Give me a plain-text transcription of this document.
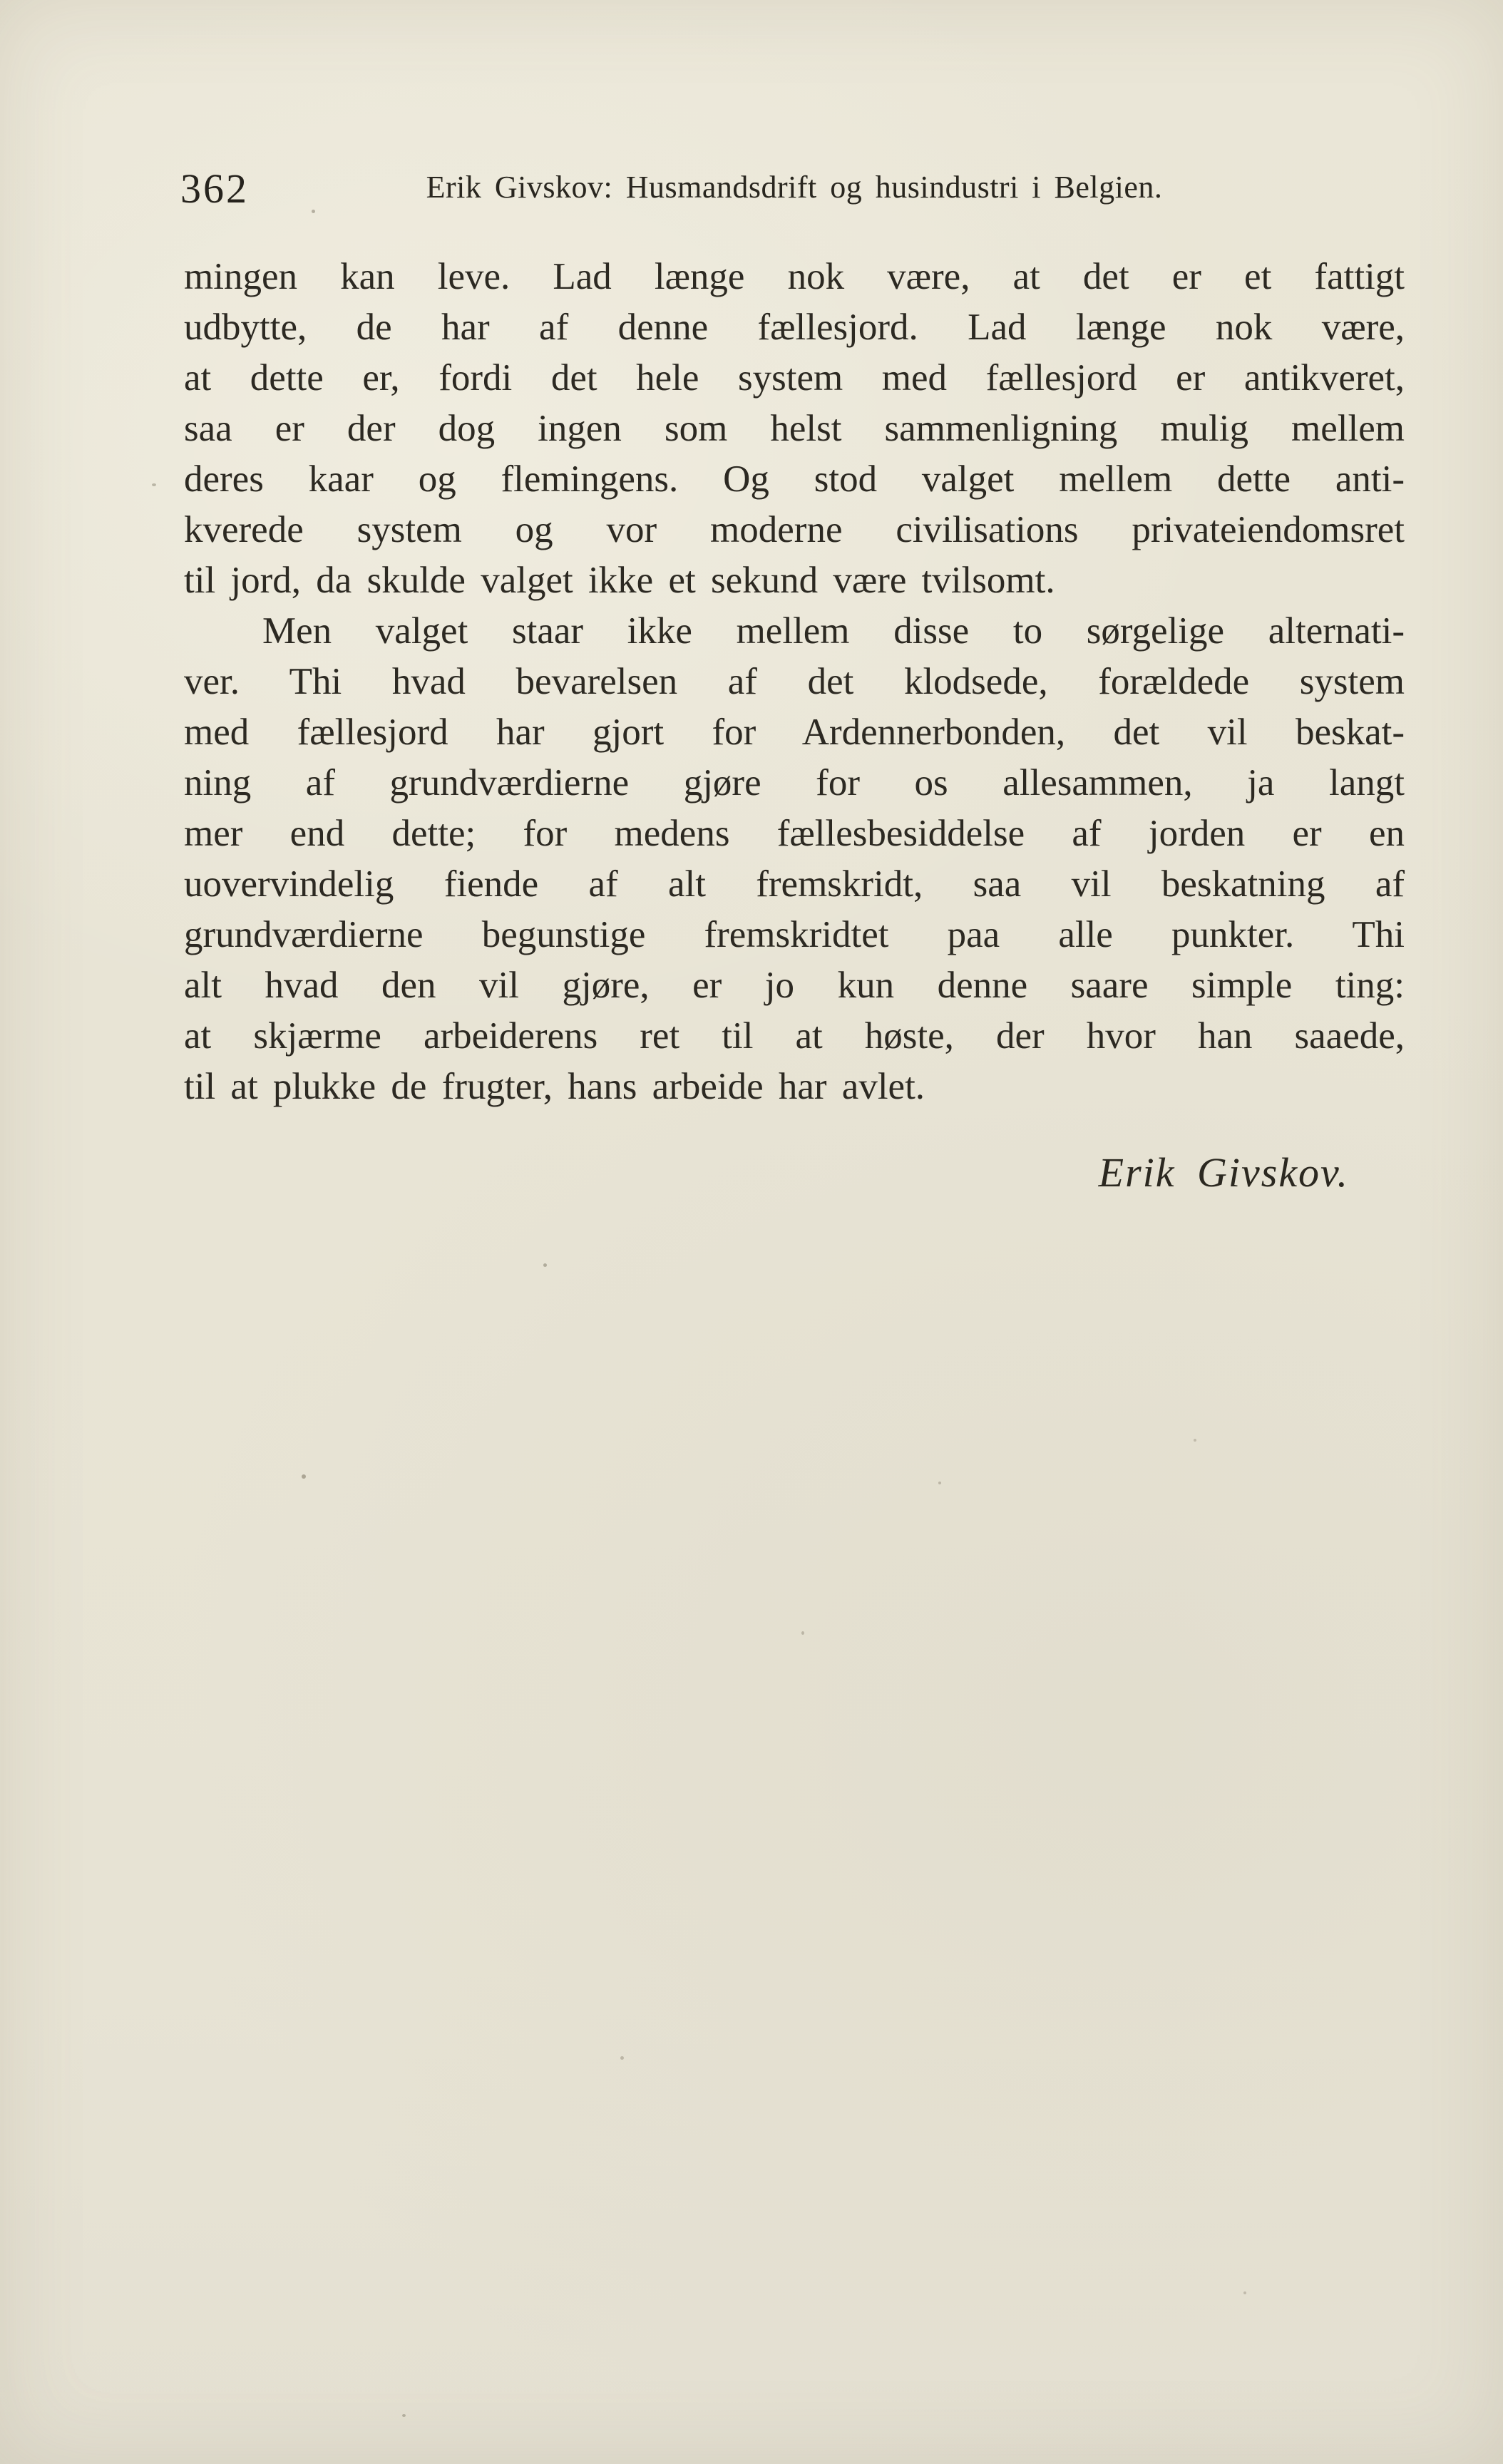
362	Erik Givskov: Husmandsdrift og husindustri i Belgien.

mingen kan leve. Lad længe nok være, at det er et fattigt

udbytte, de har af denne fællesjord. Lad længe nok være,

at dette er, fordi det hele system med fællesjord er antikveret,

saa er der dog ingen som helst sammenligning mulig mellem

deres kaar og flemingens. Og stod valget mellem dette anti-

kverede system og vor moderne civilisations privateiendomsret

til jord, da skulde valget ikke et sekund være tvilsomt.

Men valget staar ikke mellem disse to sørgelige alternati-

ver. Thi hvad bevarelsen af det klodsede, forældede system

med fællesjord har gjort for Ardennerbonden, det vil beskat-

ning af grundværdierne gjøre for os allesammen, ja langt

mer end dette; for medens fællesbesiddelse af jorden er en

uovervindelig fiende af alt fremskridt, saa vil beskatning af

grundværdierne begunstige fremskridtet paa alle punkter. Thi

alt hvad den vil gjøre, er jo kun denne saare simple ting:

at skjærme arbeiderens ret til at høste, der hvor han saaede,

til at plukke de frugter, hans arbeide har avlet.

Erik Givskov.
